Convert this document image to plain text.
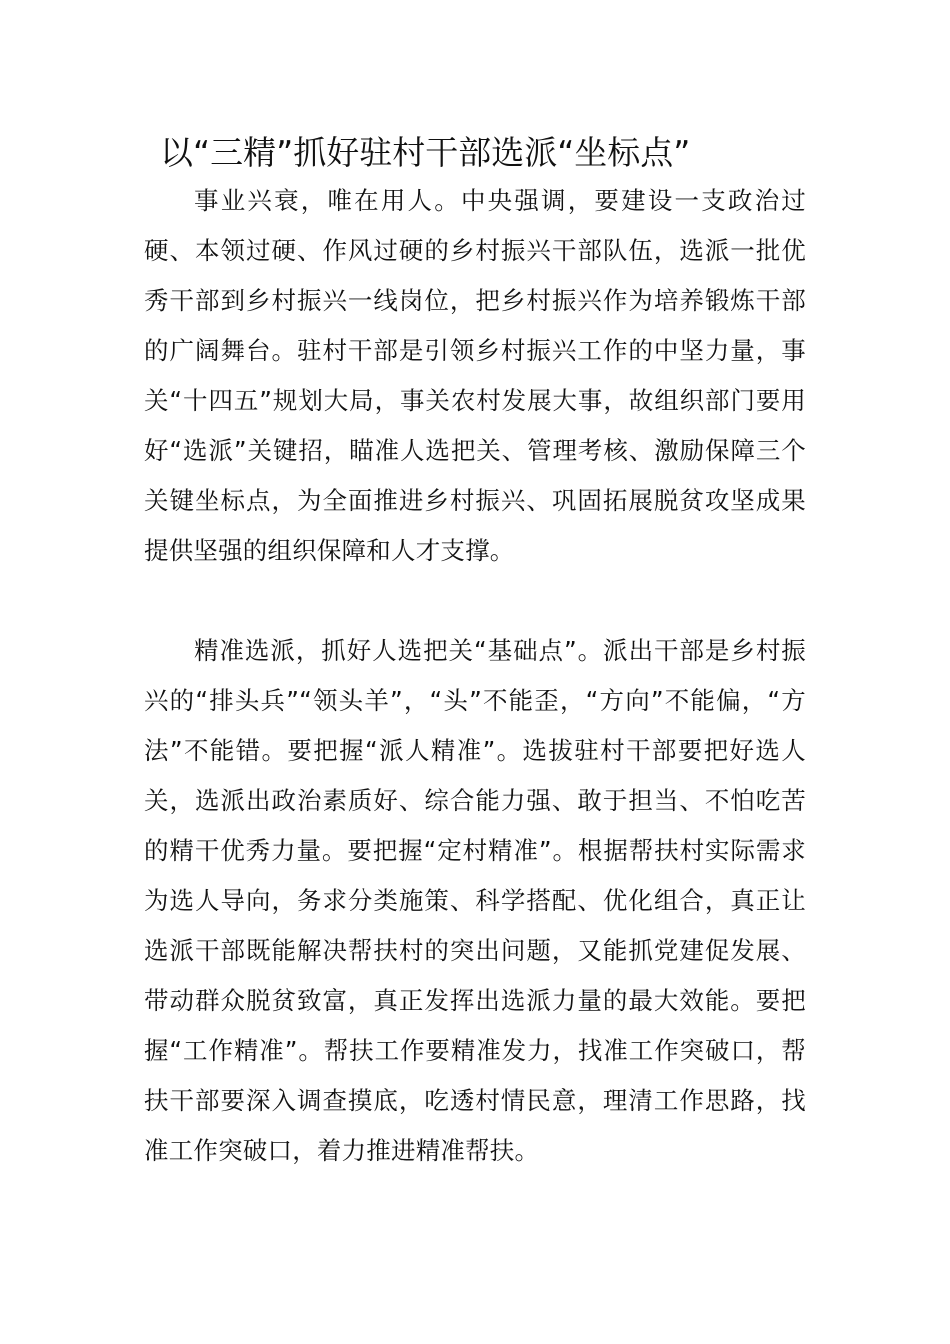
以“三精”抓好驻村干部选派“坐标点”

事业兴衰，唯在用人。中央强调，要建设一支政治过硬、本领过硬、作风过硬的乡村振兴干部队伍，选派一批优秀干部到乡村振兴一线岗位，把乡村振兴作为培养锻炼干部的广阔舞台。驻村干部是引领乡村振兴工作的中坚力量，事关“十四五”规划大局，事关农村发展大事，故组织部门要用好“选派”关键招，瞄准人选把关、管理考核、激励保障三个关键坐标点，为全面推进乡村振兴、巩固拓展脱贫攻坚成果提供坚强的组织保障和人才支撑。

精准选派，抓好人选把关“基础点”。派出干部是乡村振兴的“排头兵”“领头羊”，“头”不能歪，“方向”不能偏，“方法”不能错。要把握“派人精准”。选拔驻村干部要把好选人关，选派出政治素质好、综合能力强、敢于担当、不怕吃苦的精干优秀力量。要把握“定村精准”。根据帮扶村实际需求为选人导向，务求分类施策、科学搭配、优化组合，真正让选派干部既能解决帮扶村的突出问题，又能抓党建促发展、带动群众脱贫致富，真正发挥出选派力量的最大效能。要把握“工作精准”。帮扶工作要精准发力，找准工作突破口，帮扶干部要深入调查摸底，吃透村情民意，理清工作思路，找准工作突破口，着力推进精准帮扶。
